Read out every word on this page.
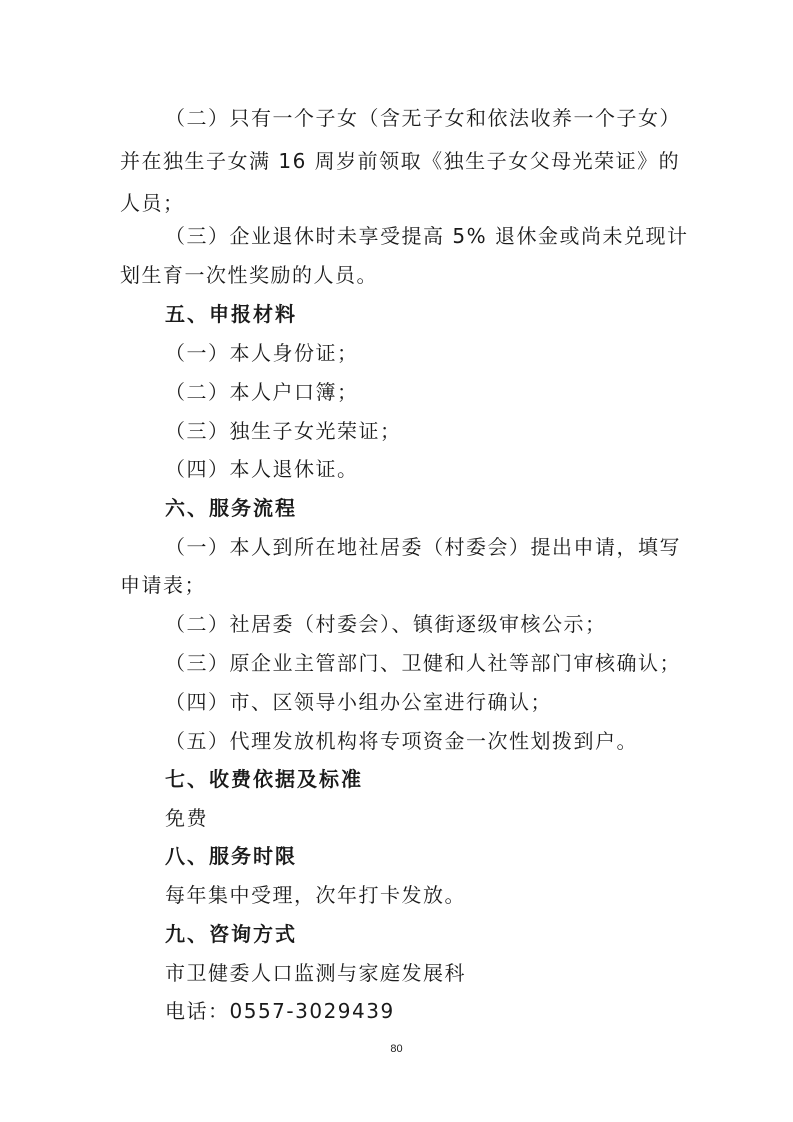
（二）只有一个子女（含无子女和依法收养一个子女）
并在独生子女满 16 周岁前领取《独生子女父母光荣证》的
人员；
（三）企业退休时未享受提高 5% 退休金或尚未兑现计
划生育一次性奖励的人员。
五、申报材料
（一）本人身份证；
（二）本人户口簿；
（三）独生子女光荣证；
（四）本人退休证。
六、服务流程
（一）本人到所在地社居委（村委会）提出申请，填写
申请表；
（二）社居委（村委会）、镇街逐级审核公示；
（三）原企业主管部门、卫健和人社等部门审核确认；
（四）市、区领导小组办公室进行确认；
（五）代理发放机构将专项资金一次性划拨到户。
七、收费依据及标准
免费
八、服务时限
每年集中受理，次年打卡发放。
九、咨询方式
市卫健委人口监测与家庭发展科
电话：0557-3029439
80
